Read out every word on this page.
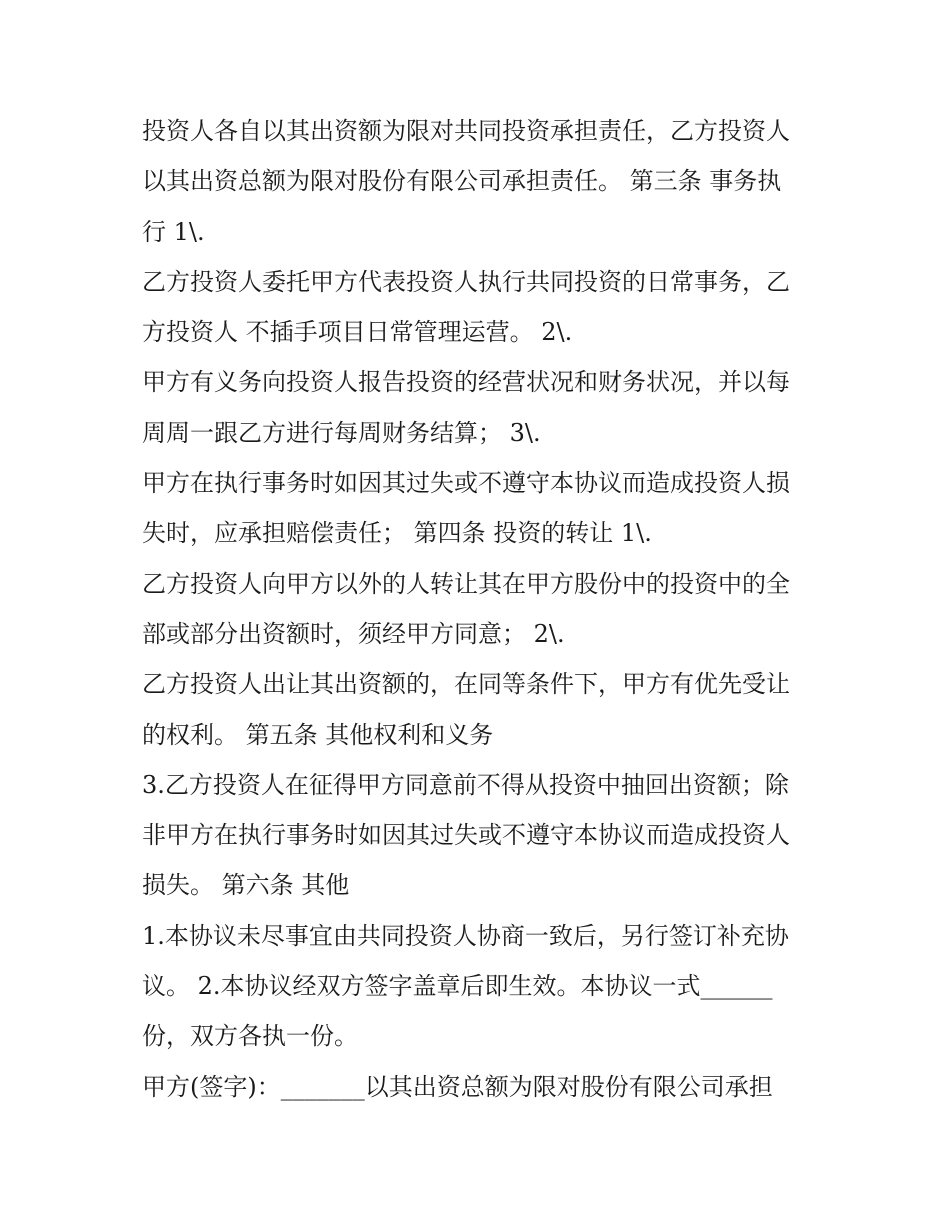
投资人各自以其出资额为限对共同投资承担责任，乙方投资人
以其出资总额为限对股份有限公司承担责任。 第三条 事务执
行 1\.
乙方投资人委托甲方代表投资人执行共同投资的日常事务，乙
方投资人 不插手项目日常管理运营。 2\.
甲方有义务向投资人报告投资的经营状况和财务状况，并以每
周周一跟乙方进行每周财务结算； 3\.
甲方在执行事务时如因其过失或不遵守本协议而造成投资人损
失时，应承担赔偿责任； 第四条 投资的转让 1\.
乙方投资人向甲方以外的人转让其在甲方股份中的投资中的全
部或部分出资额时，须经甲方同意； 2\.
乙方投资人出让其出资额的，在同等条件下，甲方有优先受让
的权利。 第五条 其他权利和义务
3.乙方投资人在征得甲方同意前不得从投资中抽回出资额；除
非甲方在执行事务时如因其过失或不遵守本协议而造成投资人
损失。 第六条 其他
1.本协议未尽事宜由共同投资人协商一致后，另行签订补充协
议。 2.本协议经双方签字盖章后即生效。本协议一式______
份，双方各执一份。
甲方(签字)：_______以其出资总额为限对股份有限公司承担
